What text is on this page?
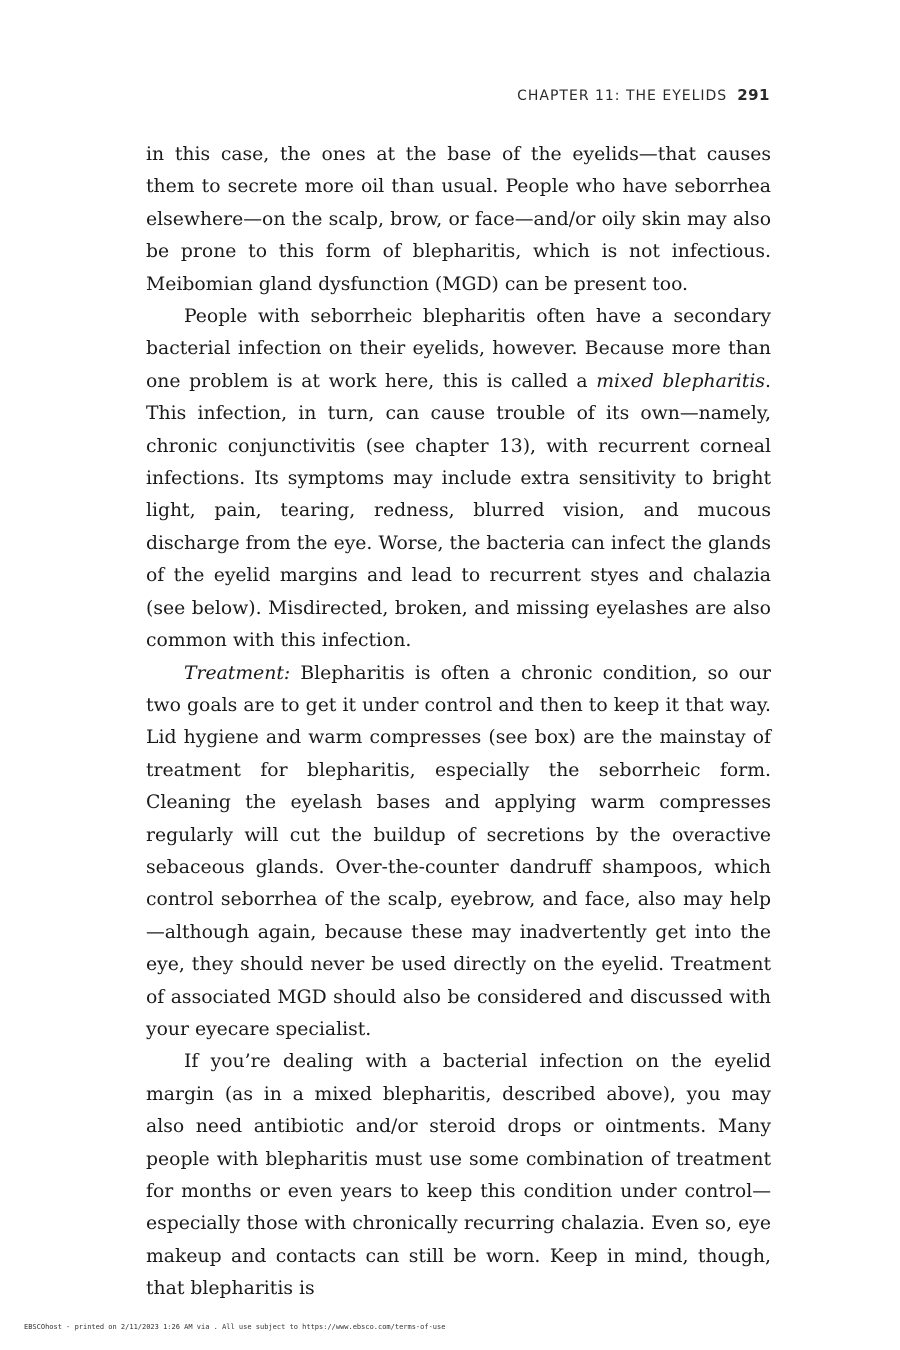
CHAPTER 11: THE EYELIDS 291

in this case, the ones at the base of the eyelids—that causes them to secrete more oil than usual. People who have seborrhea elsewhere—on the scalp, brow, or face—and/or oily skin may also be prone to this form of blepharitis, which is not infectious. Meibomian gland dysfunction (MGD) can be present too.

People with seborrheic blepharitis often have a secondary bacterial infection on their eyelids, however. Because more than one problem is at work here, this is called a mixed blepharitis. This infection, in turn, can cause trouble of its own—namely, chronic conjunctivitis (see chapter 13), with recurrent corneal infections. Its symptoms may include extra sensitivity to bright light, pain, tearing, redness, blurred vision, and mucous discharge from the eye. Worse, the bacteria can infect the glands of the eyelid margins and lead to recurrent styes and chalazia (see below). Misdirected, broken, and missing eyelashes are also common with this infection.

Treatment: Blepharitis is often a chronic condition, so our two goals are to get it under control and then to keep it that way. Lid hygiene and warm compresses (see box) are the mainstay of treatment for blepharitis, especially the seborrheic form. Cleaning the eyelash bases and applying warm compresses regularly will cut the buildup of secretions by the overactive sebaceous glands. Over-the-counter dandruff shampoos, which control seborrhea of the scalp, eyebrow, and face, also may help—although again, because these may inadvertently get into the eye, they should never be used directly on the eyelid. Treatment of associated MGD should also be considered and discussed with your eyecare specialist.

If you’re dealing with a bacterial infection on the eyelid margin (as in a mixed blepharitis, described above), you may also need antibiotic and/or steroid drops or ointments. Many people with blepharitis must use some combination of treatment for months or even years to keep this condition under control—especially those with chronically recurring chalazia. Even so, eye makeup and contacts can still be worn. Keep in mind, though, that blepharitis is

EBSCOhost - printed on 2/11/2023 1:26 AM via . All use subject to https://www.ebsco.com/terms-of-use
